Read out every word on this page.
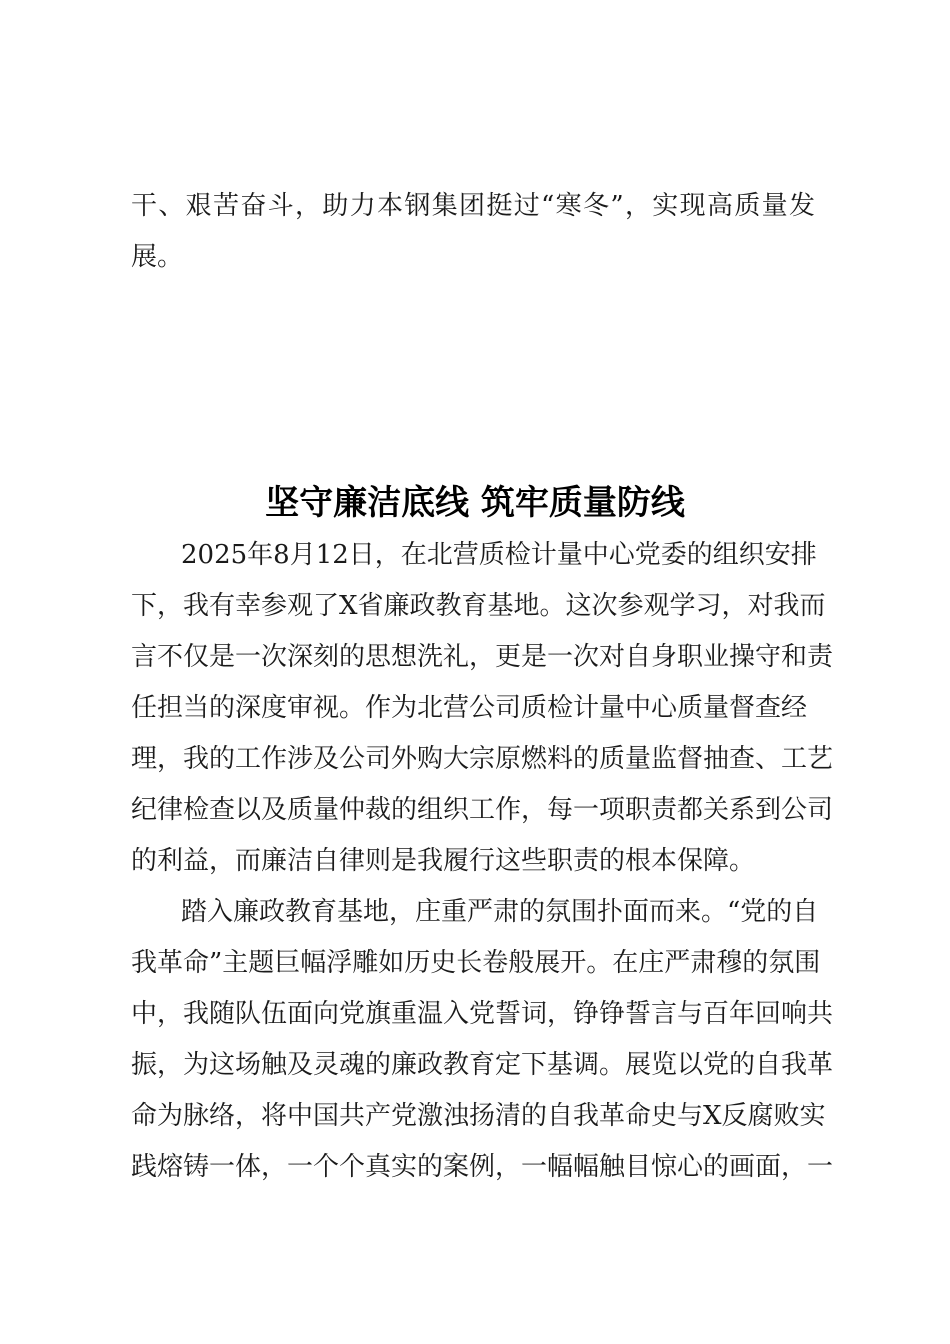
干、艰苦奋斗，助力本钢集团挺过“寒冬”，实现高质量发
展。
坚守廉洁底线 筑牢质量防线
2025年8月12日，在北营质检计量中心党委的组织安排
下，我有幸参观了X省廉政教育基地。这次参观学习，对我而
言不仅是一次深刻的思想洗礼，更是一次对自身职业操守和责
任担当的深度审视。作为北营公司质检计量中心质量督查经
理，我的工作涉及公司外购大宗原燃料的质量监督抽查、工艺
纪律检查以及质量仲裁的组织工作，每一项职责都关系到公司
的利益，而廉洁自律则是我履行这些职责的根本保障。
踏入廉政教育基地，庄重严肃的氛围扑面而来。“党的自
我革命”主题巨幅浮雕如历史长卷般展开。在庄严肃穆的氛围
中，我随队伍面向党旗重温入党誓词，铮铮誓言与百年回响共
振，为这场触及灵魂的廉政教育定下基调。展览以党的自我革
命为脉络，将中国共产党激浊扬清的自我革命史与X反腐败实
践熔铸一体，一个个真实的案例，一幅幅触目惊心的画面，一
